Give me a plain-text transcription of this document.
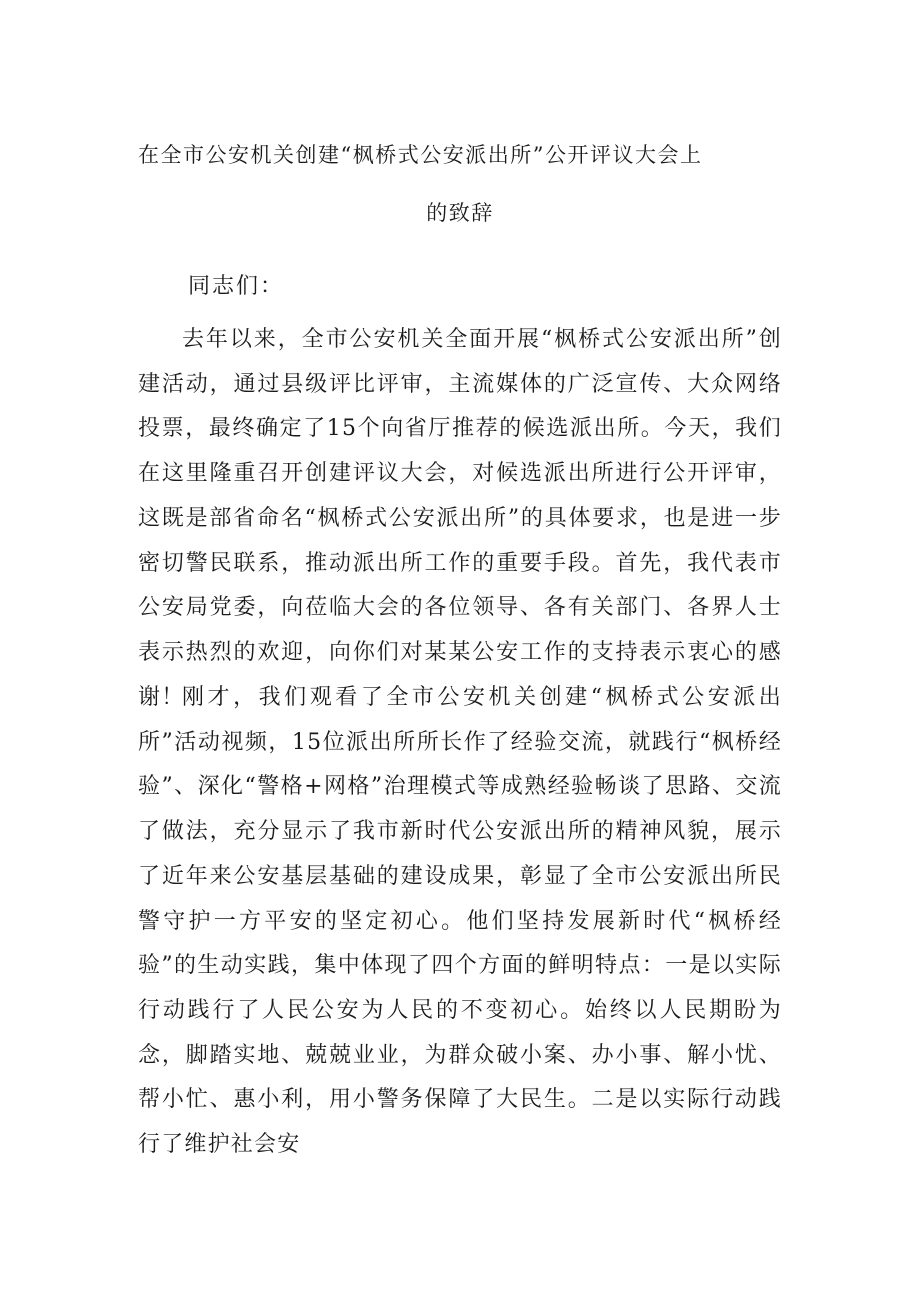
在全市公安机关创建“枫桥式公安派出所”公开评议大会上
的致辞
同志们：

去年以来，全市公安机关全面开展“枫桥式公安派出所”创建活动，通过县级评比评审，主流媒体的广泛宣传、大众网络投票，最终确定了15个向省厅推荐的候选派出所。今天，我们在这里隆重召开创建评议大会，对候选派出所进行公开评审，这既是部省命名“枫桥式公安派出所”的具体要求，也是进一步密切警民联系，推动派出所工作的重要手段。首先，我代表市公安局党委，向莅临大会的各位领导、各有关部门、各界人士表示热烈的欢迎，向你们对某某公安工作的支持表示衷心的感谢！

刚才，我们观看了全市公安机关创建“枫桥式公安派出所”活动视频，15位派出所所长作了经验交流，就践行“枫桥经验”、深化“警格+网格”治理模式等成熟经验畅谈了思路、交流了做法，充分显示了我市新时代公安派出所的精神风貌，展示了近年来公安基层基础的建设成果，彰显了全市公安派出所民警守护一方平安的坚定初心。他们坚持发展新时代“枫桥经验”的生动实践，集中体现了四个方面的鲜明特点：一是以实际行动践行了人民公安为人民的不变初心。始终以人民期盼为念，脚踏实地、兢兢业业，为群众破小案、办小事、解小忧、帮小忙、惠小利，用小警务保障了大民生。二是以实际行动践行了维护社会安
